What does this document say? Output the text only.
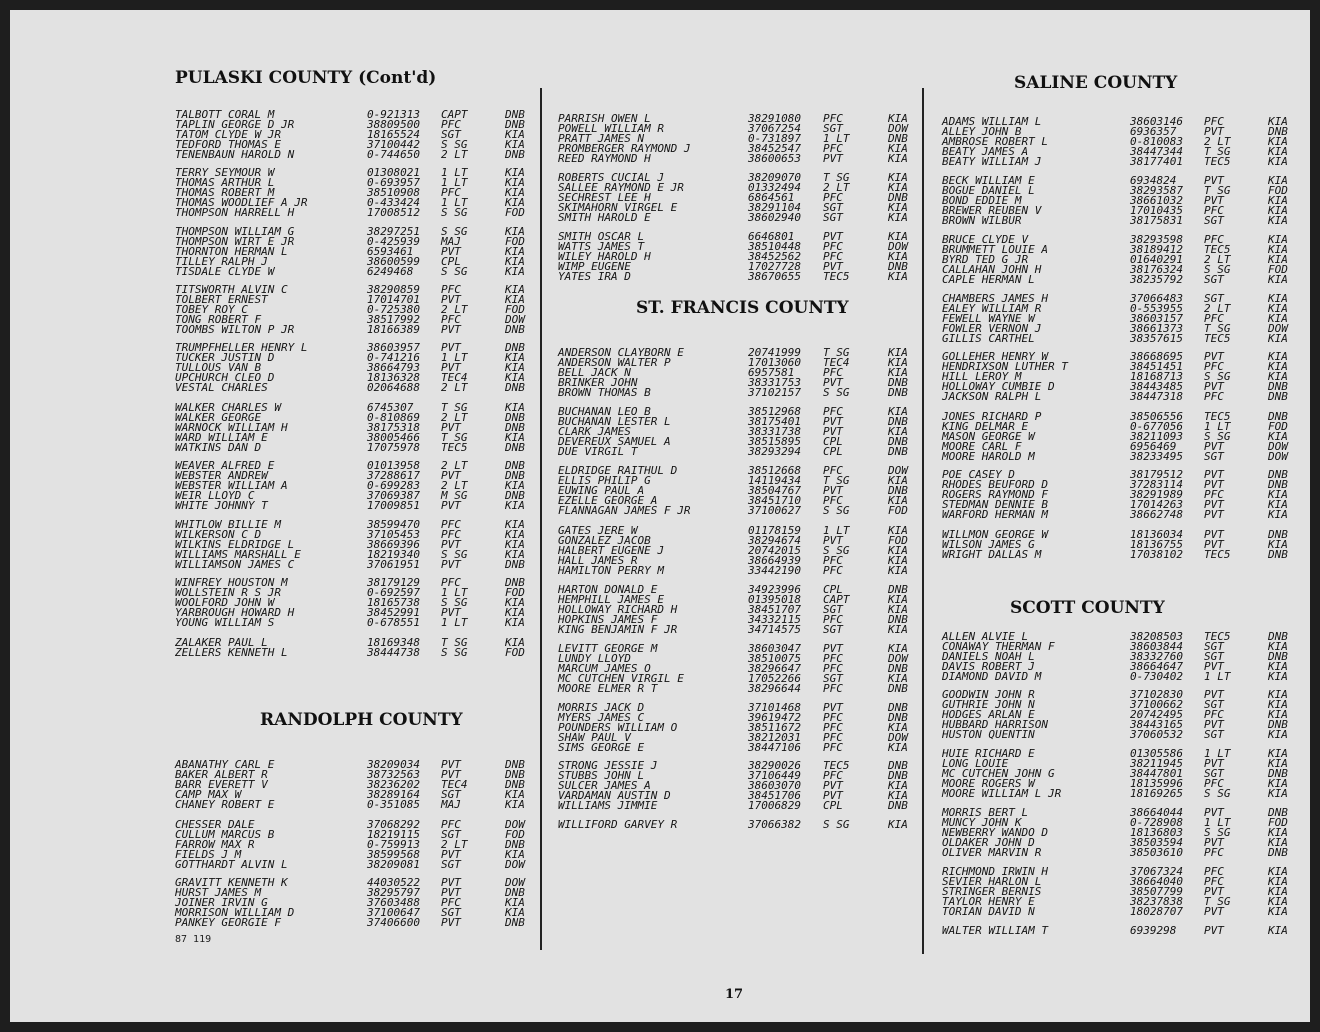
PULASKI COUNTY (Cont'd)
TALBOTT CORAL M	0-921313 CAPT	DNB
TAPLIN GEORGE D JR	38809500 PFC	DNB
TATOM CLYDE W JR	18165524 SGT	KIA
TEDFORD THOMAS E	37100442 S SG	KIA
TENENBAUN HAROLD N	0-744650 2 LT	DNB
TERRY SEYMOUR W	01308021 1 LT	KIA
THOMAS ARTHUR L	0-693957 1 LT	KIA
THOMAS ROBERT M	38510908 PFC	KIA
THOMAS WOODLIEF A JR	0-433424 1 LT	KIA
THOMPSON HARRELL H	17008512 S SG	FOD
THOMPSON WILLIAM G	38297251 S SG	KIA
THOMPSON WIRT E JR	0-425939 MAJ	FOD
THORNTON HERMAN L	6593461	PVT	KIA
TILLEY RALPH J	38600599 CPL	KIA
TISDALE CLYDE W	6249468	S SG	KIA
TITSWORTH ALVIN C	38290859 PFC	KIA
TOLBERT ERNEST	17014701 PVT	KIA
TOBEY ROY C	0-725380 2 LT	FOD
TONG ROBERT F	38517992 PFC	DOW
TOOMBS WILTON P JR	18166389 PVT	DNB
TRUMPFHELLER HENRY L	38603957 PVT	DNB
TUCKER JUSTIN D	0-741216 1 LT	KIA
TULLOUS VAN B	38664793 PVT	KIA
UPCHURCH CLEO D	18136328 TEC4	KIA
VESTAL CHARLES	02064688 2 LT	DNB
WALKER CHARLES W	6745307	T SG	KIA
WALKER GEORGE	0-810869 2 LT	DNB
WARNOCK WILLIAM H	38175318 PVT	DNB
WARD WILLIAM E	38005466 T SG	KIA
WATKINS DAN D	17075978 TEC5	DNB
WEAVER ALFRED E	01013958 2 LT	DNB
WEBSTER ANDREW	37288617 PVT	DNB
WEBSTER WILLIAM A	0-699283 2 LT	KIA
WEIR LLOYD C	37069387 M SG	DNB
WHITE JOHNNY T	17009851 PVT	KIA
WHITLOW BILLIE M	38599470 PFC	KIA
WILKERSON C D	37105453 PFC	KIA
WILKINS ELDRIDGE L	38669396 PVT	KIA
WILLIAMS MARSHALL E	18219340 S SG	KIA
WILLIAMSON JAMES C	37061951 PVT	DNB
WINFREY HOUSTON M	38179129 PFC	DNB
WOLLSTEIN R S JR	0-692597 1 LT	FOD
WOOLFORD JOHN W	18165738 S SG	KIA
YARBROUGH HOWARD H	38452991 PVT	KIA
YOUNG WILLIAM S	0-678551 1 LT	KIA
ZALAKER PAUL L	18169348 T SG	KIA
ZELLERS KENNETH L	38444738 S SG	FOD
RANDOLPH COUNTY
ABANATHY CARL E	38209034 PVT	DNB
BAKER ALBERT R	38732563 PVT	DNB
BARR EVERETT V	38236202 TEC4	DNB
CAMP MAX W	38289164 SGT	KIA
CHANEY ROBERT E	0-351085 MAJ	KIA
CHESSER DALE	37068292 PFC	DOW
CULLUM MARCUS B	18219115 SGT	FOD
FARROW MAX R	0-759913 2 LT	DNB
FIELDS J M	38599568 PVT	KIA
GOTTHARDT ALVIN L	38209081 SGT	DOW
GRAVITT KENNETH K	44030522 PVT	DOW
HURST JAMES M	38295797 PVT	DNB
JOINER IRVIN G	37603488 PFC	KIA
MORRISON WILLIAM D	37100647 SGT	KIA
PANKEY GEORGIE F	37406600 PVT	DNB
PARRISH OWEN L	38291080 PFC	KIA
POWELL WILLIAM R	37067254 SGT	DOW
PRATT JAMES N	0-731897 1 LT	DNB
PROMBERGER RAYMOND J	38452547 PFC	KIA
REED RAYMOND H	38600653 PVT	KIA
ROBERTS CUCIAL J	38209070 T SG	KIA
SALLEE RAYMOND E JR	01332494 2 LT	KIA
SECHREST LEE H	6864561	PFC	DNB
SKIMAHORN VIRGEL E	38291104 SGT	KIA
SMITH HAROLD E	38602940 SGT	KIA
SMITH OSCAR L	6646801	PVT	KIA
WATTS JAMES T	38510448 PFC	DOW
WILEY HAROLD H	38452562 PFC	KIA
WIMP EUGENE	17027728 PVT	DNB
YATES IRA D	38670655 TEC5	KIA
ST. FRANCIS COUNTY
ANDERSON CLAYBORN E	20741999 T SG	KIA
ANDERSON WALTER P	17013060 TEC4	KIA
BELL JACK N	6957581	PFC	KIA
BRINKER JOHN	38331753 PVT	DNB
BROWN THOMAS B	37102157 S SG	DNB
BUCHANAN LEO B	38512968 PFC	KIA
BUCHANAN LESTER L	38175401 PVT	DNB
CLARK JAMES	38331738 PVT	KIA
DEVEREUX SAMUEL A	38515895 CPL	DNB
DUE VIRGIL T	38293294 CPL	DNB
ELDRIDGE RAITHUL D	38512668 PFC	DOW
ELLIS PHILIP G	14119434 T SG	KIA
EUWING PAUL A	38504767 PVT	DNB
EZELLE GEORGE A	38451710 PFC	KIA
FLANNAGAN JAMES F JR	37100627 S SG	FOD
GATES JERE W	01178159 1 LT	KIA
GONZALEZ JACOB	38294674 PVT	FOD
HALBERT EUGENE J	20742015 S SG	KIA
HALL JAMES R	38664939 PFC	KIA
HAMILTON PERRY M	33442190 PFC	KIA
HARTON DONALD E	34923996 CPL	DNB
HEMPHILL JAMES E	01395018 CAPT	KIA
HOLLOWAY RICHARD H	38451707 SGT	KIA
HOPKINS JAMES F	34332115 PFC	DNB
KING BENJAMIN F JR	34714575 SGT	KIA
LEVITT GEORGE M	38603047 PVT	KIA
LUNDY LLOYD	38510075 PFC	DOW
MARCUM JAMES O	38296647 PFC	DNB
MC CUTCHEN VIRGIL E	17052266 SGT	KIA
MOORE ELMER R T	38296644 PFC	DNB
MORRIS JACK D	37101468 PVT	DNB
MYERS JAMES C	39619472 PFC	DNB
POUNDERS WILLIAM O	38511672 PFC	KIA
SHAW PAUL V	38212031 PFC	DOW
SIMS GEORGE E	38447106 PFC	KIA
STRONG JESSIE J	38290026 TEC5	DNB
STUBBS JOHN L	37106449 PFC	DNB
SULCER JAMES A	38603070 PVT	KIA
VARDAMAN AUSTIN D	38451706 PVT	KIA
WILLIAMS JIMMIE	17006829 CPL	DNB
WILLIFORD GARVEY R	37066382 S SG	KIA
SALINE COUNTY
ADAMS WILLIAM L	38603146 PFC	KIA
ALLEY JOHN B	6936357	PVT	DNB
AMBROSE ROBERT L	0-810083 2 LT	KIA
BEATY JAMES A	38447344 T SG	KIA
BEATY WILLIAM J	38177401 TEC5	KIA
BECK WILLIAM E	6934824	PVT	KIA
BOGUE DANIEL L	38293587 T SG	FOD
BOND EDDIE M	38661032 PVT	KIA
BREWER REUBEN V	17010435 PFC	KIA
BROWN WILBUR	38175831 SGT	KIA
BRUCE CLYDE V	38293598 PFC	KIA
BRUMMETT LOUIE A	38189412 TEC5	KIA
BYRD TED G JR	01640291 2 LT	KIA
CALLAHAN JOHN H	38176324 S SG	FOD
CAPLE HERMAN L	38235792 SGT	KIA
CHAMBERS JAMES H	37066483 SGT	KIA
EALEY WILLIAM R	0-553955 2 LT	KIA
FEWELL WAYNE W	38603157 PFC	KIA
FOWLER VERNON J	38661373 T SG	DOW
GILLIS CARTHEL	38357615 TEC5	KIA
GOLLEHER HENRY W	38668695 PVT	KIA
HENDRIXSON LUTHER T	38451451 PFC	KIA
HILL LEROY M	18168713 S SG	KIA
HOLLOWAY CUMBIE D	38443485 PVT	DNB
JACKSON RALPH L	38447318 PFC	DNB
JONES RICHARD P	38506556 TEC5	DNB
KING DELMAR E	0-677056 1 LT	FOD
MASON GEORGE W	38211093 S SG	KIA
MOORE CARL F	6956469	PVT	DOW
MOORE HAROLD M	38233495 SGT	DOW
POE CASEY D	38179512 PVT	DNB
RHODES BEUFORD D	37283114 PVT	DNB
ROGERS RAYMOND F	38291989 PFC	KIA
STEDMAN DENNIE B	17014263 PVT	KIA
WARFORD HERMAN M	38662748 PVT	KIA
WILLMON GEORGE W	18136034 PVT	DNB
WILSON JAMES G	18136755 PVT	KIA
WRIGHT DALLAS M	17038102 TEC5	DNB
SCOTT COUNTY
ALLEN ALVIE L	38208503 TEC5	DNB
CONAWAY THERMAN F	38603844 SGT	KIA
DANIELS NOAH L	38332760 SGT	DNB
DAVIS ROBERT J	38664647 PVT	KIA
DIAMOND DAVID M	0-730402 1 LT	KIA
GOODWIN JOHN R	37102830 PVT	KIA
GUTHRIE JOHN N	37100662 SGT	KIA
HODGES ARLAN E	20742495 PFC	KIA
HUBBARD HARRISON	38443165 PVT	DNB
HUSTON QUENTIN	37060532 SGT	KIA
HUIE RICHARD E	01305586 1 LT	KIA
LONG LOUIE	38211945 PVT	KIA
MC CUTCHEN JOHN G	38447801 SGT	DNB
MOORE ROGERS W	18135996 PFC	KIA
MOORE WILLIAM L JR	18169265 S SG	KIA
MORRIS BERT L	38664044 PVT	DNB
MUNCY JOHN K	0-728908 1 LT	FOD
NEWBERRY WANDO D	18136803 S SG	KIA
OLDAKER JOHN D	38503594 PVT	KIA
OLIVER MARVIN R	38503610 PFC	DNB
RICHMOND IRWIN H	37067324 PFC	KIA
SEVIER HARLON L	38664040 PFC	KIA
STRINGER BERNIS	38507799 PVT	KIA
TAYLOR HENRY E	38237838 T SG	KIA
TORIAN DAVID N	18028707 PVT	KIA
WALTER WILLIAM T	6939298	PVT	KIA
87 119
17
